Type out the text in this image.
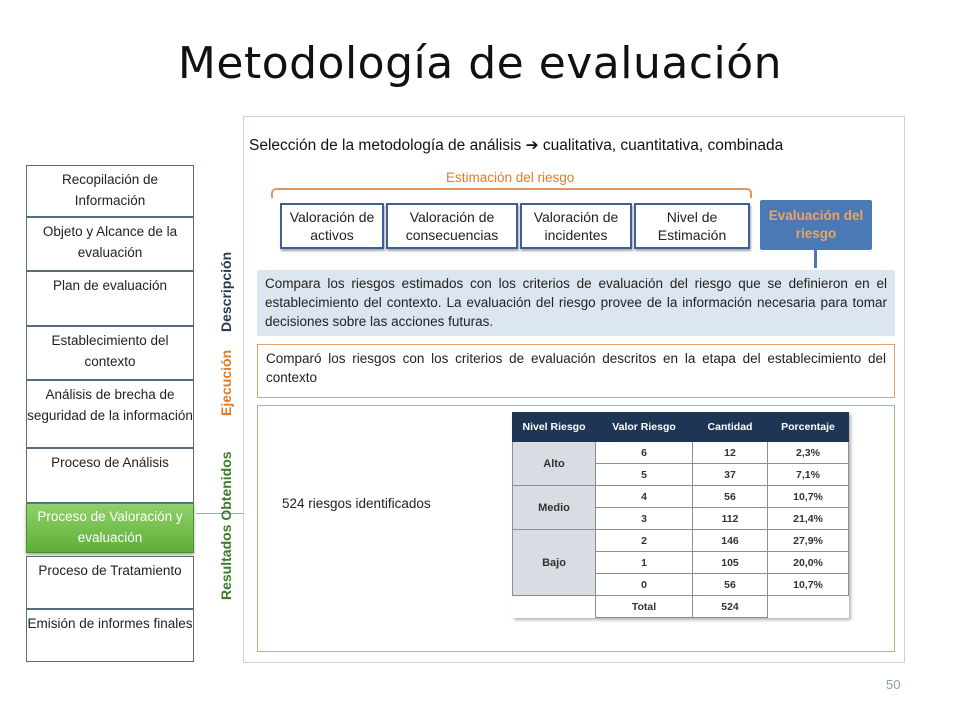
Metodología de evaluación
Recopilación de Información
Objeto y Alcance de la evaluación
Plan de evaluación
Establecimiento del contexto
Análisis de brecha de seguridad de la información
Proceso de Análisis
Proceso de Valoración y evaluación
Proceso de Tratamiento
Emisión de informes finales
Descripción
Ejecución
Resultados Obtenidos
Selección de la metodología de análisis ➔ cualitativa, cuantitativa, combinada
Estimación del riesgo
Valoración de activos
Valoración de consecuencias
Valoración de incidentes
Nivel de Estimación
Evaluación del riesgo
Compara los riesgos estimados con los criterios de evaluación del riesgo que se definieron en el establecimiento del contexto. La evaluación del riesgo provee de la información necesaria para tomar decisiones sobre las acciones futuras.
Comparó los riesgos con los criterios de evaluación descritos en la etapa del establecimiento del contexto
524 riesgos identificados
Nivel Riesgo	Valor Riesgo	Cantidad	Porcentaje
Alto	6	12	2,3%
	5	37	7,1%
Medio	4	56	10,7%
	3	112	21,4%
Bajo	2	146	27,9%
	1	105	20,0%
	0	56	10,7%
	Total	524	
50
